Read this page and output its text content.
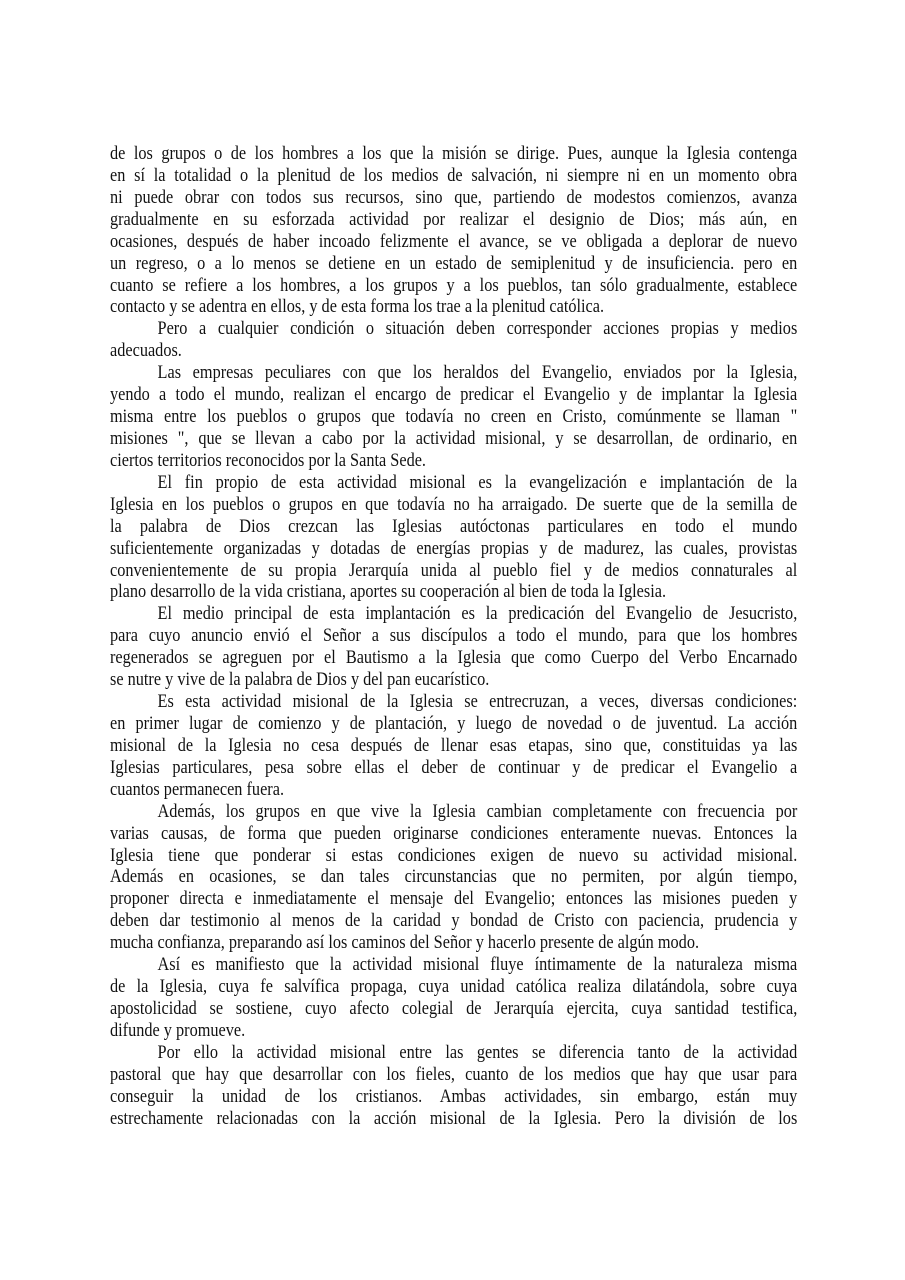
de los grupos o de los hombres a los que la misión se dirige. Pues, aunque la Iglesia contenga
en sí la totalidad o la plenitud de los medios de salvación, ni siempre ni en un momento obra
ni puede obrar con todos sus recursos, sino que, partiendo de modestos comienzos, avanza
gradualmente en su esforzada actividad por realizar el designio de Dios; más aún, en
ocasiones, después de haber incoado felizmente el avance, se ve obligada a deplorar de nuevo
un regreso, o a lo menos se detiene en un estado de semiplenitud y de insuficiencia. pero en
cuanto se refiere a los hombres, a los grupos y a los pueblos, tan sólo gradualmente, establece
contacto y se adentra en ellos, y de esta forma los trae a la plenitud católica.
Pero a cualquier condición o situación deben corresponder acciones propias y medios
adecuados.
Las empresas peculiares con que los heraldos del Evangelio, enviados por la Iglesia,
yendo a todo el mundo, realizan el encargo de predicar el Evangelio y de implantar la Iglesia
misma entre los pueblos o grupos que todavía no creen en Cristo, comúnmente se llaman "
misiones ", que se llevan a cabo por la actividad misional, y se desarrollan, de ordinario, en
ciertos territorios reconocidos por la Santa Sede.
El fin propio de esta actividad misional es la evangelización e implantación de la
Iglesia en los pueblos o grupos en que todavía no ha arraigado. De suerte que de la semilla de
la palabra de Dios crezcan las Iglesias autóctonas particulares en todo el mundo
suficientemente organizadas y dotadas de energías propias y de madurez, las cuales, provistas
convenientemente de su propia Jerarquía unida al pueblo fiel y de medios connaturales al
plano desarrollo de la vida cristiana, aportes su cooperación al bien de toda la Iglesia.
El medio principal de esta implantación es la predicación del Evangelio de Jesucristo,
para cuyo anuncio envió el Señor a sus discípulos a todo el mundo, para que los hombres
regenerados se agreguen por el Bautismo a la Iglesia que como Cuerpo del Verbo Encarnado
se nutre y vive de la palabra de Dios y del pan eucarístico.
Es esta actividad misional de la Iglesia se entrecruzan, a veces, diversas condiciones:
en primer lugar de comienzo y de plantación, y luego de novedad o de juventud. La acción
misional de la Iglesia no cesa después de llenar esas etapas, sino que, constituidas ya las
Iglesias particulares, pesa sobre ellas el deber de continuar y de predicar el Evangelio a
cuantos permanecen fuera.
Además, los grupos en que vive la Iglesia cambian completamente con frecuencia por
varias causas, de forma que pueden originarse condiciones enteramente nuevas. Entonces la
Iglesia tiene que ponderar si estas condiciones exigen de nuevo su actividad misional.
Además en ocasiones, se dan tales circunstancias que no permiten, por algún tiempo,
proponer directa e inmediatamente el mensaje del Evangelio; entonces las misiones pueden y
deben dar testimonio al menos de la caridad y bondad de Cristo con paciencia, prudencia y
mucha confianza, preparando así los caminos del Señor y hacerlo presente de algún modo.
Así es manifiesto que la actividad misional fluye íntimamente de la naturaleza misma
de la Iglesia, cuya fe salvífica propaga, cuya unidad católica realiza dilatándola, sobre cuya
apostolicidad se sostiene, cuyo afecto colegial de Jerarquía ejercita, cuya santidad testifica,
difunde y promueve.
Por ello la actividad misional entre las gentes se diferencia tanto de la actividad
pastoral que hay que desarrollar con los fieles, cuanto de los medios que hay que usar para
conseguir la unidad de los cristianos. Ambas actividades, sin embargo, están muy
estrechamente relacionadas con la acción misional de la Iglesia. Pero la división de los
